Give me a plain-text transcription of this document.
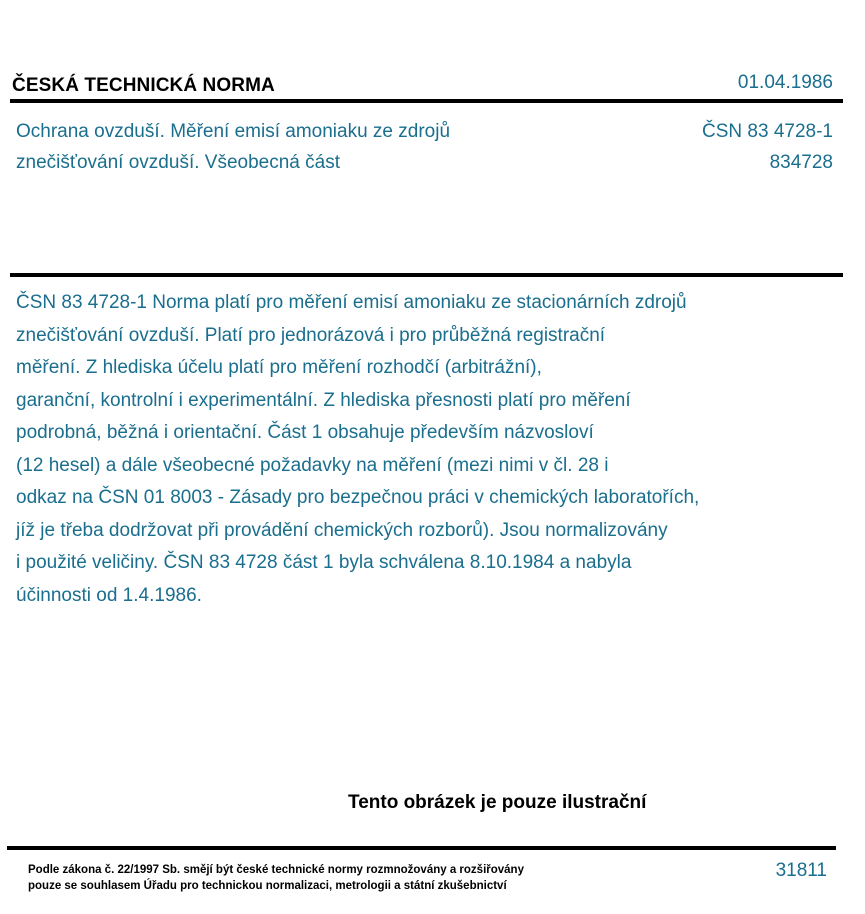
ČESKÁ TECHNICKÁ NORMA	01.04.1986
Ochrana ovzduší. Měření emisí amoniaku ze zdrojů
znečišťování ovzduší. Všeobecná část
ČSN 83 4728-1
834728
ČSN 83 4728-1 Norma platí pro měření emisí amoniaku ze stacionárních zdrojů
znečišťování ovzduší. Platí pro jednorázová i pro průběžná registrační
měření. Z hlediska účelu platí pro měření rozhodčí (arbitrážní),
garanční, kontrolní i experimentální. Z hlediska přesnosti platí pro měření
podrobná, běžná i orientační. Část 1 obsahuje především názvosloví
(12 hesel) a dále všeobecné požadavky na měření (mezi nimi v čl. 28 i
odkaz na ČSN 01 8003 - Zásady pro bezpečnou práci v chemických laboratořích,
jíž je třeba dodržovat při provádění chemických rozborů). Jsou normalizovány
i použité veličiny. ČSN 83 4728 část 1 byla schválena 8.10.1984 a nabyla
účinnosti od 1.4.1986.
Tento obrázek je pouze ilustrační
Podle zákona č. 22/1997 Sb. smějí být české technické normy rozmnožovány a rozšiřovány
pouze se souhlasem Úřadu pro technickou normalizaci, metrologii a státní zkušebnictví
31811
